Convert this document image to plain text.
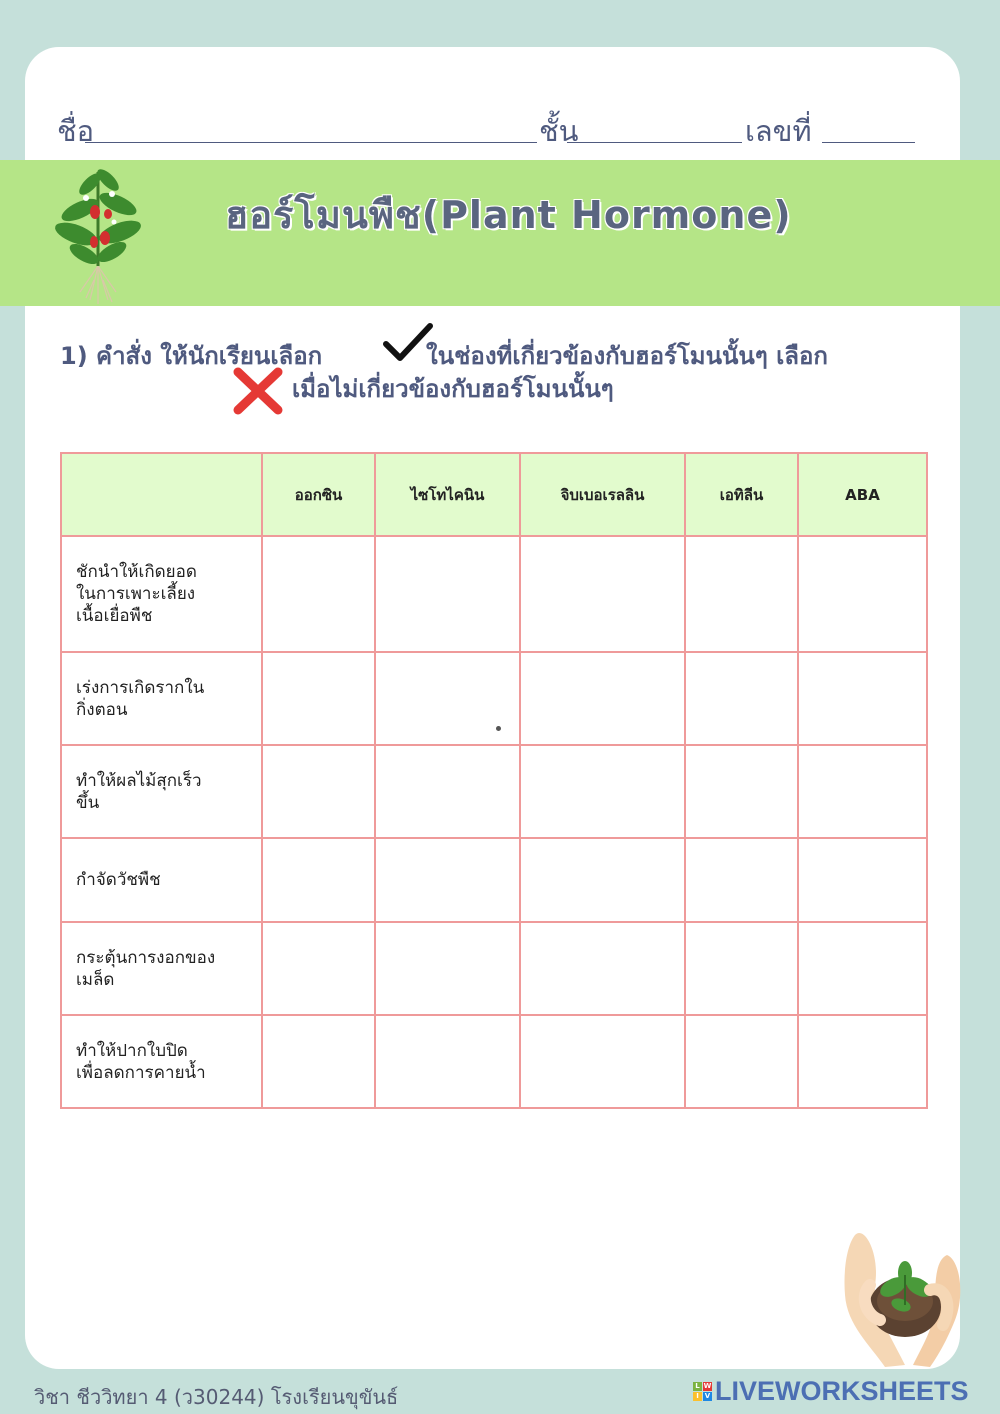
ชื่อ	ชั้น	เลขที่
ฮอร์โมนพืช(Plant Hormone)
1) คำสั่ง ให้นักเรียนเลือก	ในช่องที่เกี่ยวข้องกับฮอร์โมนนั้นๆ เลือก
เมื่อไม่เกี่ยวข้องกับฮอร์โมนนั้นๆ
	ออกซิน	ไซโทไคนิน	จิบเบอเรลลิน	เอทิลีน	ABA

ชักนำให้เกิดยอด
ในการเพาะเลี้ยง
เนื้อเยื่อพืช					

เร่งการเกิดรากใน
กิ่งตอน					

ทำให้ผลไม้สุกเร็ว
ขึ้น					

กำจัดวัชพืช					

กระตุ้นการงอกของ
เมล็ด					

ทำให้ปากใบปิด
เพื่อลดการคายน้ำ					

วิชา ชีววิทยา 4 (ว30244) โรงเรียนขุขันธ์	L W
I V LIVEWORKSHEETS
